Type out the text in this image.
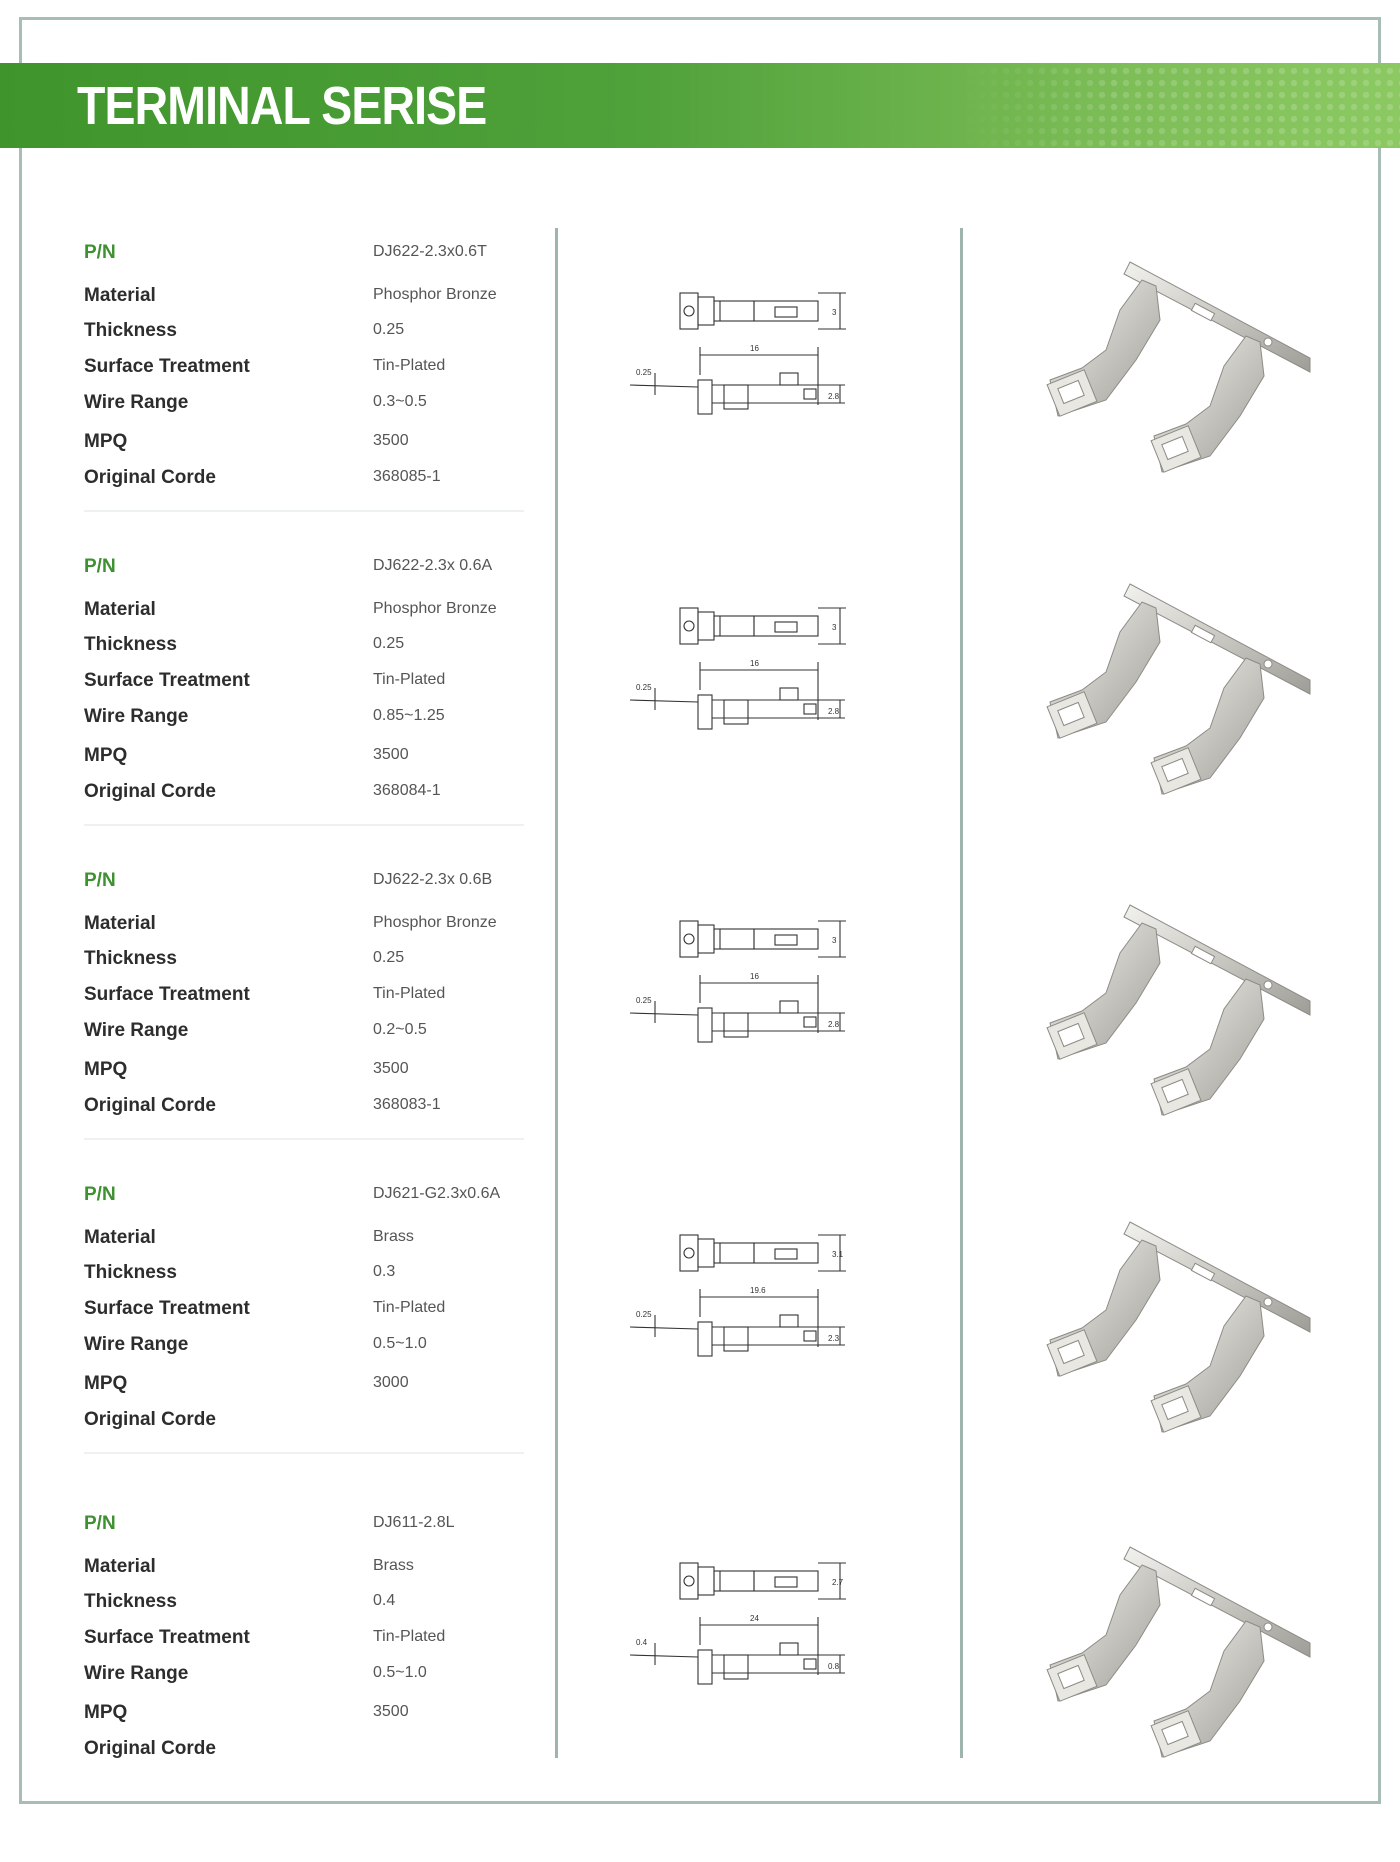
TERMINAL SERISE
P/N	DJ622-2.3x0.6T
Material	Phosphor Bronze
Thickness	0.25
Surface Treatment	Tin-Plated
Wire Range	0.3~0.5
MPQ	3500
Original Corde	368085-1
3
16
2.8
0.25
P/N	DJ622-2.3x 0.6A
Material	Phosphor Bronze
Thickness	0.25
Surface Treatment	Tin-Plated
Wire Range	0.85~1.25
MPQ	3500
Original Corde	368084-1
3
16
2.8
0.25
P/N	DJ622-2.3x 0.6B
Material	Phosphor Bronze
Thickness	0.25
Surface Treatment	Tin-Plated
Wire Range	0.2~0.5
MPQ	3500
Original Corde	368083-1
3
16
2.8
0.25
P/N	DJ621-G2.3x0.6A
Material	Brass
Thickness	0.3
Surface Treatment	Tin-Plated
Wire Range	0.5~1.0
MPQ	3000
Original Corde
3.1
19.6
2.3
0.25
P/N	DJ611-2.8L
Material	Brass
Thickness	0.4
Surface Treatment	Tin-Plated
Wire Range	0.5~1.0
MPQ	3500
Original Corde
2.7
24
0.8
0.4
